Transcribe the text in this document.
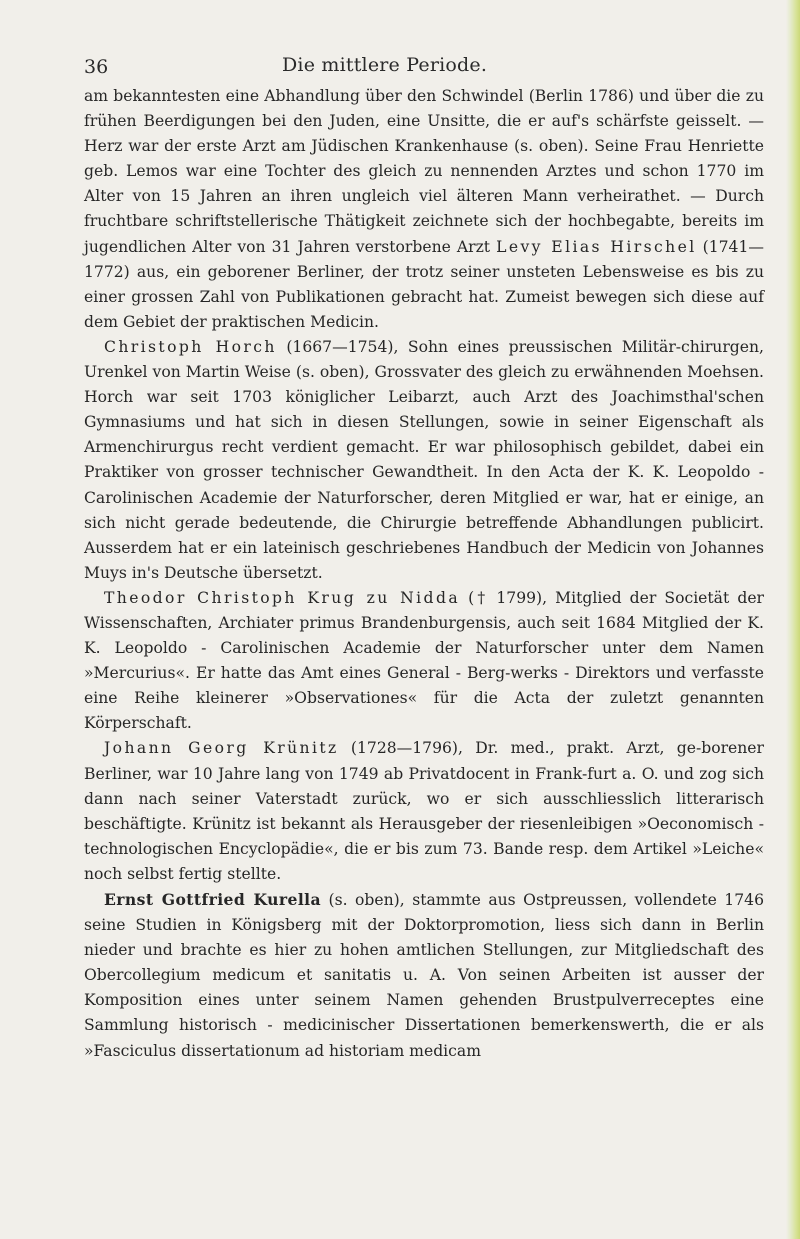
36	Die mittlere Periode.

am bekanntesten eine Abhandlung über den Schwindel (Berlin 1786) und über die zu frühen Beerdigungen bei den Juden, eine Unsitte, die er auf's schärfste geisselt. — Herz war der erste Arzt am Jüdischen Krankenhause (s. oben). Seine Frau Henriette geb. Lemos war eine Tochter des gleich zu nennenden Arztes und schon 1770 im Alter von 15 Jahren an ihren ungleich viel älteren Mann verheirathet. — Durch fruchtbare schriftstellerische Thätigkeit zeichnete sich der hochbegabte, bereits im jugendlichen Alter von 31 Jahren verstorbene Arzt Levy Elias Hirschel (1741—1772) aus, ein geborener Berliner, der trotz seiner unsteten Lebensweise es bis zu einer grossen Zahl von Publikationen gebracht hat. Zumeist bewegen sich diese auf dem Gebiet der praktischen Medicin.

Christoph Horch (1667—1754), Sohn eines preussischen Militär-chirurgen, Urenkel von Martin Weise (s. oben), Grossvater des gleich zu erwähnenden Moehsen. Horch war seit 1703 königlicher Leibarzt, auch Arzt des Joachimsthal'schen Gymnasiums und hat sich in diesen Stellungen, sowie in seiner Eigenschaft als Armenchirurgus recht verdient gemacht. Er war philosophisch gebildet, dabei ein Praktiker von grosser technischer Gewandtheit. In den Acta der K. K. Leopoldo - Carolinischen Academie der Naturforscher, deren Mitglied er war, hat er einige, an sich nicht gerade bedeutende, die Chirurgie betreffende Abhandlungen publicirt. Ausserdem hat er ein lateinisch geschriebenes Handbuch der Medicin von Johannes Muys in's Deutsche übersetzt.

Theodor Christoph Krug zu Nidda († 1799), Mitglied der Societät der Wissenschaften, Archiater primus Brandenburgensis, auch seit 1684 Mitglied der K. K. Leopoldo - Carolinischen Academie der Naturforscher unter dem Namen »Mercurius«. Er hatte das Amt eines General - Berg-werks - Direktors und verfasste eine Reihe kleinerer »Observationes« für die Acta der zuletzt genannten Körperschaft.

Johann Georg Krünitz (1728—1796), Dr. med., prakt. Arzt, ge-borener Berliner, war 10 Jahre lang von 1749 ab Privatdocent in Frank-furt a. O. und zog sich dann nach seiner Vaterstadt zurück, wo er sich ausschliesslich litterarisch beschäftigte. Krünitz ist bekannt als Herausgeber der riesenleibigen »Oeconomisch - technologischen Encyclopädie«, die er bis zum 73. Bande resp. dem Artikel »Leiche« noch selbst fertig stellte.

Ernst Gottfried Kurella (s. oben), stammte aus Ostpreussen, vollendete 1746 seine Studien in Königsberg mit der Doktorpromotion, liess sich dann in Berlin nieder und brachte es hier zu hohen amtlichen Stellungen, zur Mitgliedschaft des Obercollegium medicum et sanitatis u. A. Von seinen Arbeiten ist ausser der Komposition eines unter seinem Namen gehenden Brustpulverreceptes eine Sammlung historisch - medicinischer Dissertationen bemerkenswerth, die er als »Fasciculus dissertationum ad historiam medicam
